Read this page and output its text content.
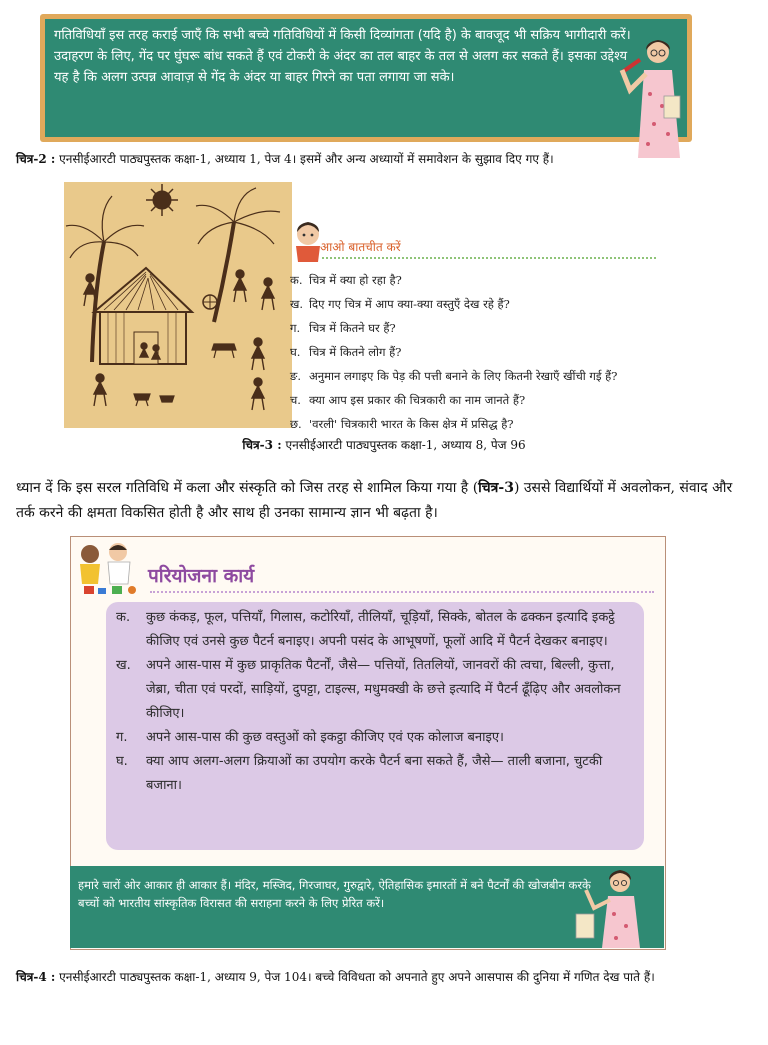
गतिविधियाँ इस तरह कराई जाएँ कि सभी बच्चे गतिविधियों में किसी दिव्यांगता (यदि है) के बावजूद भी सक्रिय भागीदारी करें। उदाहरण के लिए, गेंद पर घुंघरू बांध सकते हैं एवं टोकरी के अंदर का तल बाहर के तल से अलग कर सकते हैं। इसका उद्देश्य यह है कि अलग उत्पन्न आवाज़ से गेंद के अंदर या बाहर गिरने का पता लगाया जा सके।
चित्र-2 : एनसीईआरटी पाठ्यपुस्तक कक्षा-1, अध्याय 1, पेज 4। इसमें और अन्य अध्यायों में समावेशन के सुझाव दिए गए हैं।
आओ बातचीत करें
क. चित्र में क्या हो रहा है?
ख. दिए गए चित्र में आप क्या-क्या वस्तुएँ देख रहे हैं?
ग. चित्र में कितने घर हैं?
घ. चित्र में कितने लोग हैं?
ङ. अनुमान लगाइए कि पेड़ की पत्ती बनाने के लिए कितनी रेखाएँ खींची गई हैं?
च. क्या आप इस प्रकार की चित्रकारी का नाम जानते हैं?
छ. 'वरली' चित्रकारी भारत के किस क्षेत्र में प्रसिद्ध है?
चित्र-3 : एनसीईआरटी पाठ्यपुस्तक कक्षा-1, अध्याय 8, पेज 96
ध्यान दें कि इस सरल गतिविधि में कला और संस्कृति को जिस तरह से शामिल किया गया है (चित्र-3) उससे विद्यार्थियों में अवलोकन, संवाद और तर्क करने की क्षमता विकसित होती है और साथ ही उनका सामान्य ज्ञान भी बढ़ता है।
परियोजना कार्य
क.	कुछ कंकड़, फूल, पत्तियाँ, गिलास, कटोरियाँ, तीलियाँ, चूड़ियाँ, सिक्के, बोतल के ढक्कन इत्यादि इकट्ठे कीजिए एवं उनसे कुछ पैटर्न बनाइए। अपनी पसंद के आभूषणों, फूलों आदि में पैटर्न देखकर बनाइए।
ख.	अपने आस-पास में कुछ प्राकृतिक पैटर्नों, जैसे— पत्तियों, तितलियों, जानवरों की त्वचा, बिल्ली, कुत्ता, जेब्रा, चीता एवं परदों, साड़ियों, दुपट्टा, टाइल्स, मधुमक्खी के छत्ते इत्यादि में पैटर्न ढूँढ़िए और अवलोकन कीजिए।
ग.	अपने आस-पास की कुछ वस्तुओं को इकट्ठा कीजिए एवं एक कोलाज बनाइए।
घ.	क्या आप अलग-अलग क्रियाओं का उपयोग करके पैटर्न बना सकते हैं, जैसे— ताली बजाना, चुटकी बजाना।
हमारे चारों ओर आकार ही आकार हैं। मंदिर, मस्जिद, गिरजाघर, गुरुद्वारे, ऐतिहासिक इमारतों में बने पैटर्नों की खोजबीन करके बच्चों को भारतीय सांस्कृतिक विरासत की सराहना करने के लिए प्रेरित करें।
चित्र-4 : एनसीईआरटी पाठ्यपुस्तक कक्षा-1, अध्याय 9, पेज 104। बच्चे विविधता को अपनाते हुए अपने आसपास की दुनिया में गणित देख पाते हैं।
